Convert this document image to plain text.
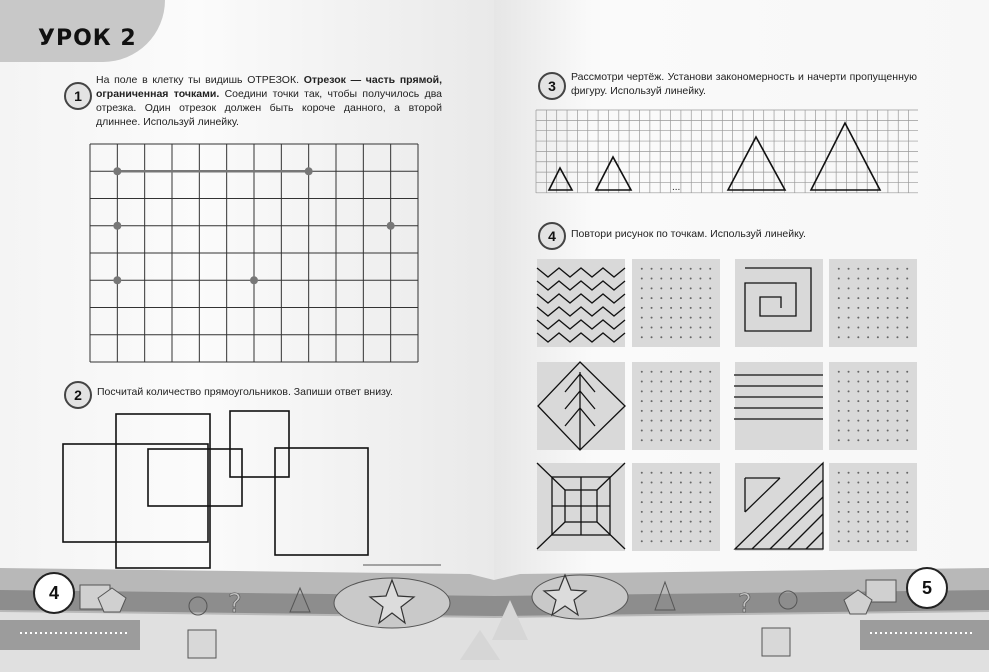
УРОК 2
1
На поле в клетку ты видишь ОТРЕЗОК. Отрезок — часть прямой, ограниченная точками. Соедини точки так, чтобы получилось два отрезка. Один отрезок должен быть короче данного, а второй длиннее. Используй линейку.
2	Посчитай количество прямоугольников. Запиши ответ внизу.
3
Рассмотри чертёж. Установи закономерность и начерти пропущенную фигуру. Используй линейку.
...
4	Повтори рисунок по точкам. Используй линейку.
?	?
4	5
